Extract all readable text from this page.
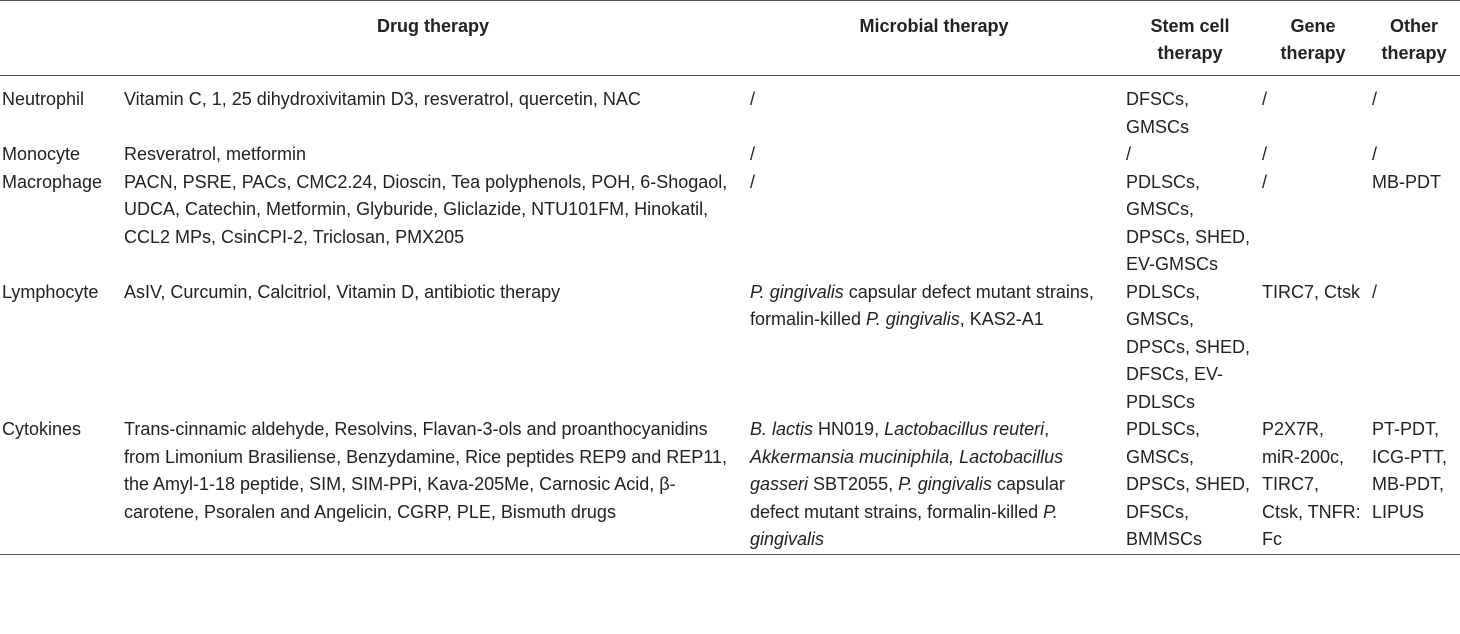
	Drug therapy	Microbial therapy	Stem cell therapy	Gene therapy	Other therapy
Neutrophil	Vitamin C, 1, 25 dihydroxivitamin D3, resveratrol, quercetin, NAC	/	DFSCs, GMSCs	/	/
Monocyte	Resveratrol, metformin	/	/	/	/
Macrophage	PACN, PSRE, PACs, CMC2.24, Dioscin, Tea polyphenols, POH, 6-Shogaol, UDCA, Catechin, Metformin, Glyburide, Gliclazide, NTU101FM, Hinokatil, CCL2 MPs, CsinCPI-2, Triclosan, PMX205	/	PDLSCs, GMSCs, DPSCs, SHED, EV-GMSCs	/	MB-PDT
Lymphocyte	AsIV, Curcumin, Calcitriol, Vitamin D, antibiotic therapy	P. gingivalis capsular defect mutant strains, formalin-killed P. gingivalis, KAS2-A1	PDLSCs, GMSCs, DPSCs, SHED, DFSCs, EV-PDLSCs	TIRC7, Ctsk	/
Cytokines	Trans-cinnamic aldehyde, Resolvins, Flavan-3-ols and proanthocyanidins from Limonium Brasiliense, Benzydamine, Rice peptides REP9 and REP11, the Amyl-1-18 peptide, SIM, SIM-PPi, Kava-205Me, Carnosic Acid, β- carotene, Psoralen and Angelicin, CGRP, PLE, Bismuth drugs	B. lactis HN019, Lactobacillus reuteri, Akkermansia muciniphila, Lactobacillus gasseri SBT2055, P. gingivalis capsular defect mutant strains, formalin-killed P. gingivalis	PDLSCs, GMSCs, DPSCs, SHED, DFSCs, BMMSCs	P2X7R, miR-200c, TIRC7, Ctsk, TNFR: Fc	PT-PDT, ICG-PTT, MB-PDT, LIPUS
